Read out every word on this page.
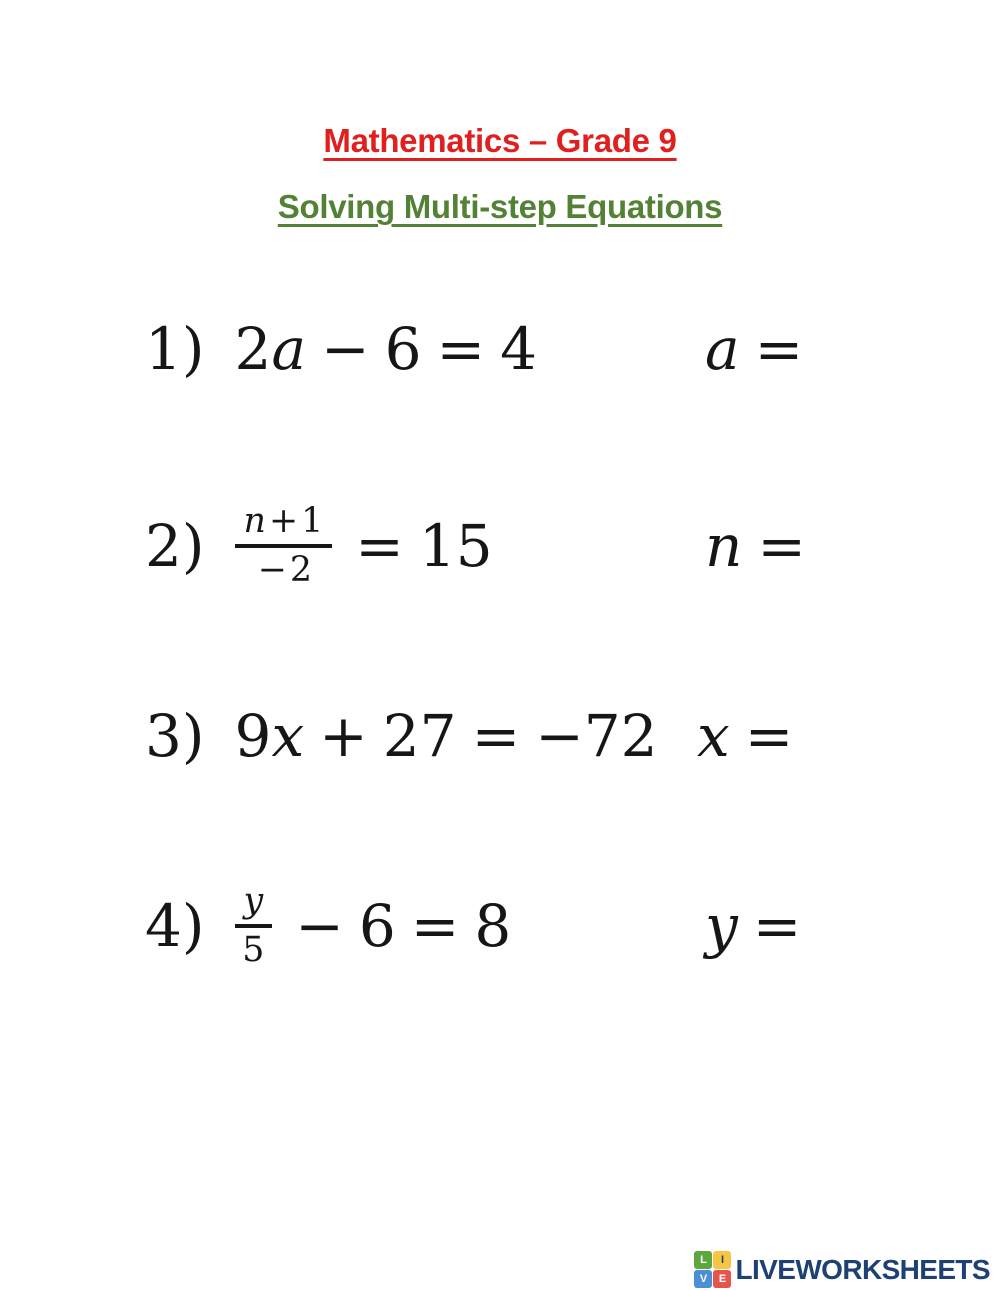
Mathematics – Grade 9
Solving Multi-step Equations
1) 2 a − 6 = 4	a =
$2) \frac{n + 1}{- 2} = 15$	n =
3) 9 x + 27 = −72 x =
$4) \frac{y}{5} - 6 = 8$	y =
L	I
V	E LIVEWORKSHEETS
